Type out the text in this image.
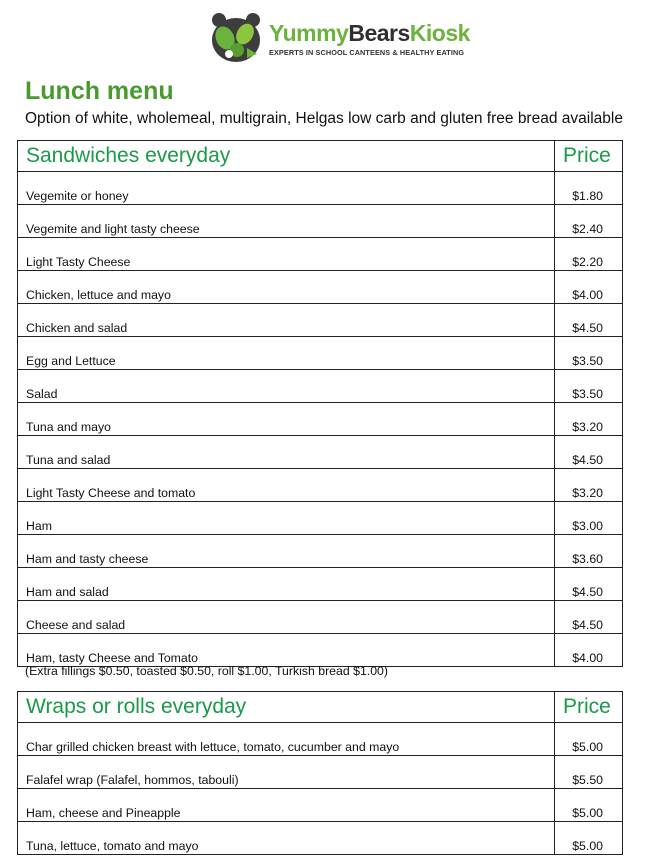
YummyBearsKiosk
EXPERTS IN SCHOOL CANTEENS & HEALTHY EATING
Lunch menu

Option of white, wholemeal, multigrain, Helgas low carb and gluten free bread available

Sandwiches everyday	Price
Vegemite or honey	$1.80
Vegemite and light tasty cheese	$2.40
Light Tasty Cheese	$2.20
Chicken, lettuce and mayo	$4.00
Chicken and salad	$4.50
Egg and Lettuce	$3.50
Salad	$3.50
Tuna and mayo	$3.20
Tuna and salad	$4.50
Light Tasty Cheese and tomato	$3.20
Ham	$3.00
Ham and tasty cheese	$3.60
Ham and salad	$4.50
Cheese and salad	$4.50
Ham, tasty Cheese and Tomato	$4.00
(Extra fillings $0.50, toasted $0.50, roll $1.00, Turkish bread $1.00)
Wraps or rolls everyday	Price
Char grilled chicken breast with lettuce, tomato, cucumber and mayo	$5.00
Falafel wrap (Falafel, hommos, tabouli)	$5.50
Ham, cheese and Pineapple	$5.00
Tuna, lettuce, tomato and mayo	$5.00
